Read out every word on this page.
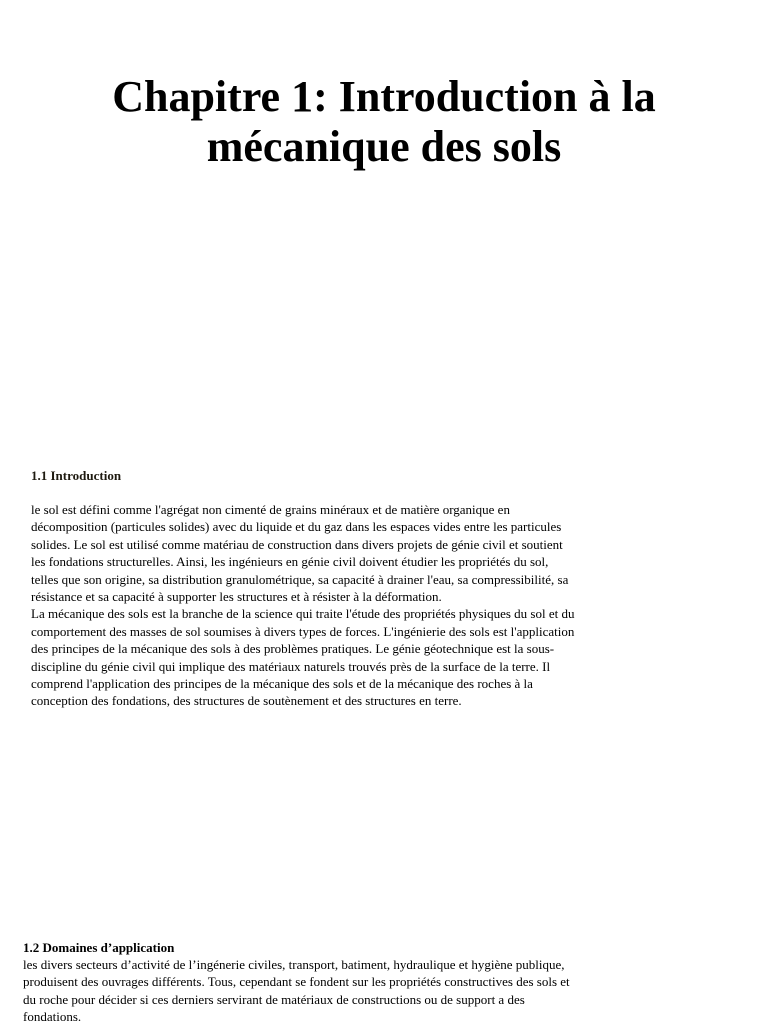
Chapitre 1: Introduction à la
mécanique des sols
1.1 Introduction

le sol est défini comme l'agrégat non cimenté de grains minéraux et de matière organique en décomposition (particules solides) avec du liquide et du gaz dans les espaces vides entre les particules solides. Le sol est utilisé comme matériau de construction dans divers projets de génie civil et soutient les fondations structurelles. Ainsi, les ingénieurs en génie civil doivent étudier les propriétés du sol, telles que son origine, sa distribution granulométrique, sa capacité à drainer l'eau, sa compressibilité, sa résistance et sa capacité à supporter les structures et à résister à la déformation.

La mécanique des sols est la branche de la science qui traite l'étude des propriétés physiques du sol et du comportement des masses de sol soumises à divers types de forces. L'ingénierie des sols est l'application des principes de la mécanique des sols à des problèmes pratiques. Le génie géotechnique est la sous-discipline du génie civil qui implique des matériaux naturels trouvés près de la surface de la terre. Il comprend l'application des principes de la mécanique des sols et de la mécanique des roches à la conception des fondations, des structures de soutènement et des structures en terre.

1.2 Domaines d’application

les divers secteurs d’activité de l’ingénerie civiles, transport, batiment, hydraulique et hygiène publique, produisent des ouvrages différents. Tous, cependant se fondent sur les propriétés constructives des sols et du roche pour décider si ces derniers servirant de matériaux de constructions ou de support a des fondations.
